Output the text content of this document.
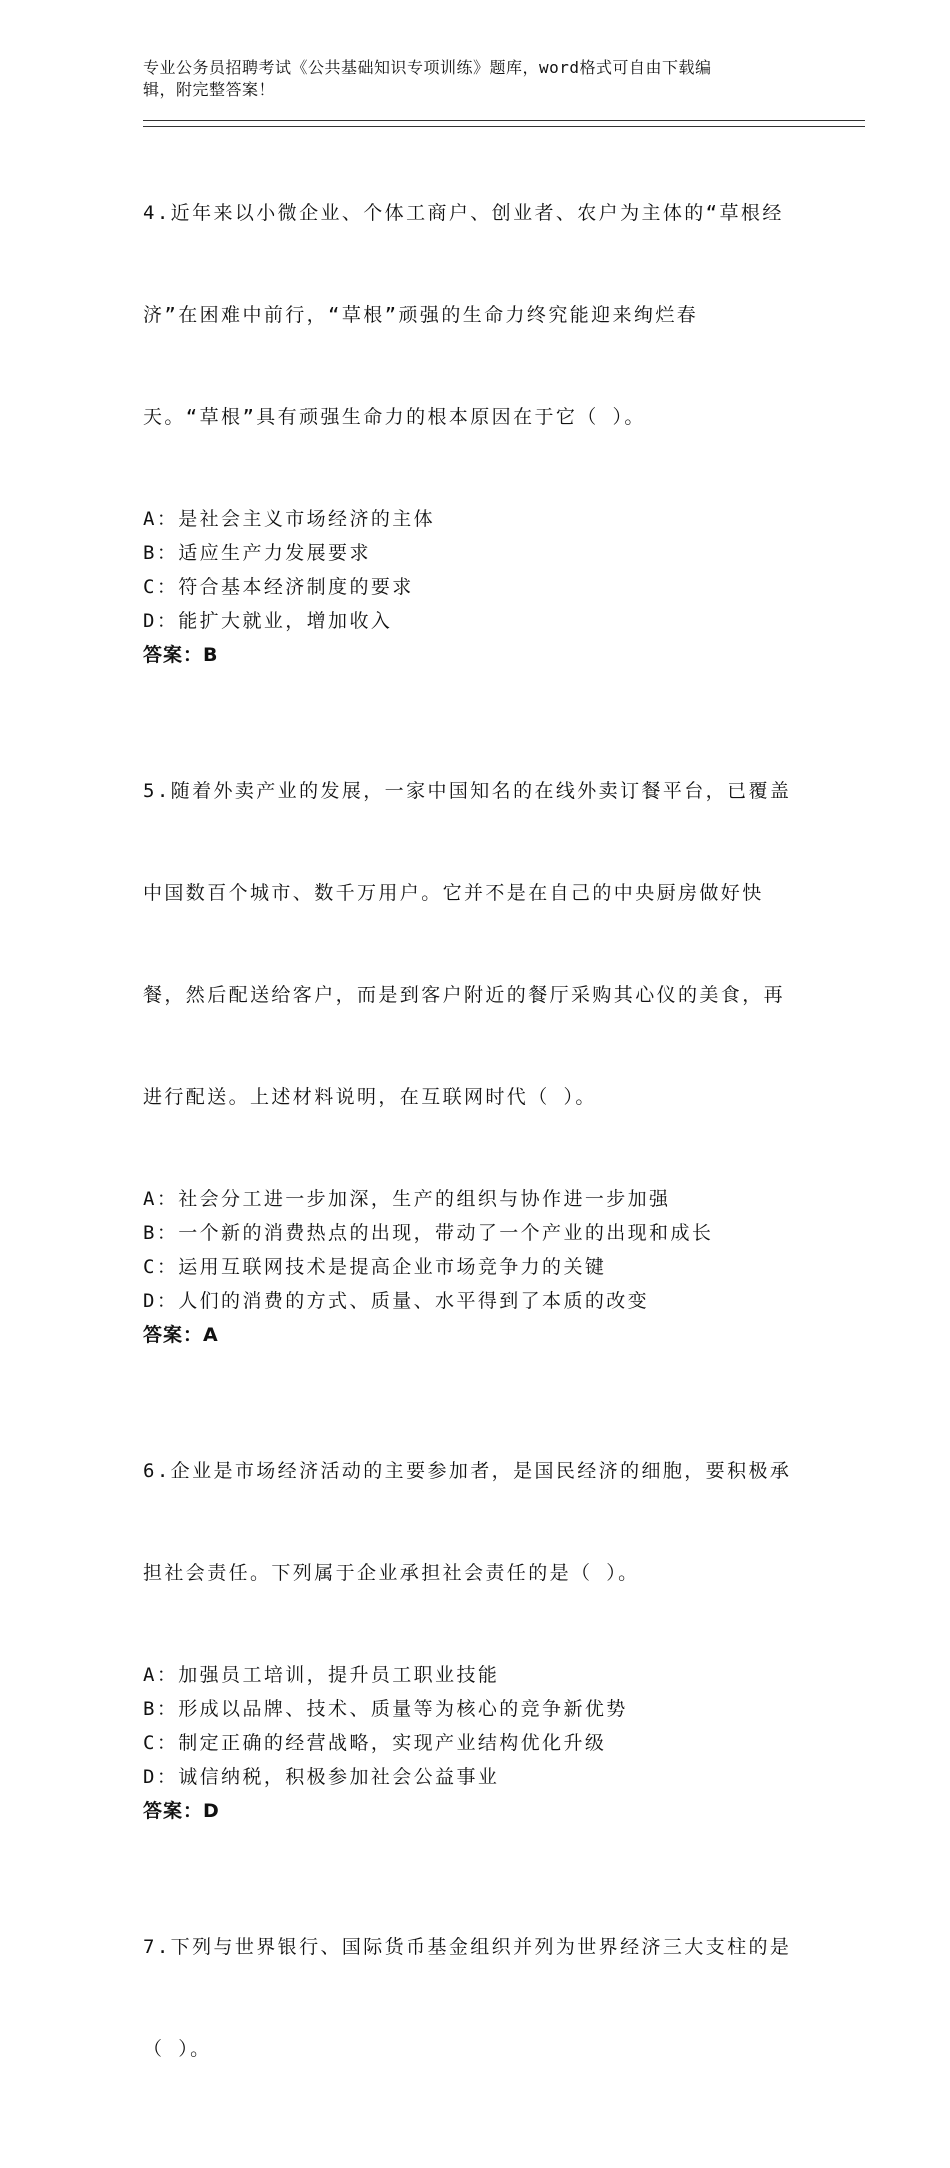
专业公务员招聘考试《公共基础知识专项训练》题库，word格式可自由下载编
辑，附完整答案！

4.近年来以小微企业、个体工商户、创业者、农户为主体的“草根经

济”在困难中前行，“草根”顽强的生命力终究能迎来绚烂春

天。“草根”具有顽强生命力的根本原因在于它（ ）。

A：是社会主义市场经济的主体
B：适应生产力发展要求
C：符合基本经济制度的要求
D：能扩大就业，增加收入
答案：B

5.随着外卖产业的发展，一家中国知名的在线外卖订餐平台，已覆盖

中国数百个城市、数千万用户。它并不是在自己的中央厨房做好快

餐，然后配送给客户，而是到客户附近的餐厅采购其心仪的美食，再

进行配送。上述材料说明，在互联网时代（ ）。

A：社会分工进一步加深，生产的组织与协作进一步加强
B：一个新的消费热点的出现，带动了一个产业的出现和成长
C：运用互联网技术是提高企业市场竞争力的关键
D：人们的消费的方式、质量、水平得到了本质的改变
答案：A

6.企业是市场经济活动的主要参加者，是国民经济的细胞，要积极承

担社会责任。下列属于企业承担社会责任的是（ ）。

A：加强员工培训，提升员工职业技能
B：形成以品牌、技术、质量等为核心的竞争新优势
C：制定正确的经营战略，实现产业结构优化升级
D：诚信纳税，积极参加社会公益事业
答案：D

7.下列与世界银行、国际货币基金组织并列为世界经济三大支柱的是

（ ）。
